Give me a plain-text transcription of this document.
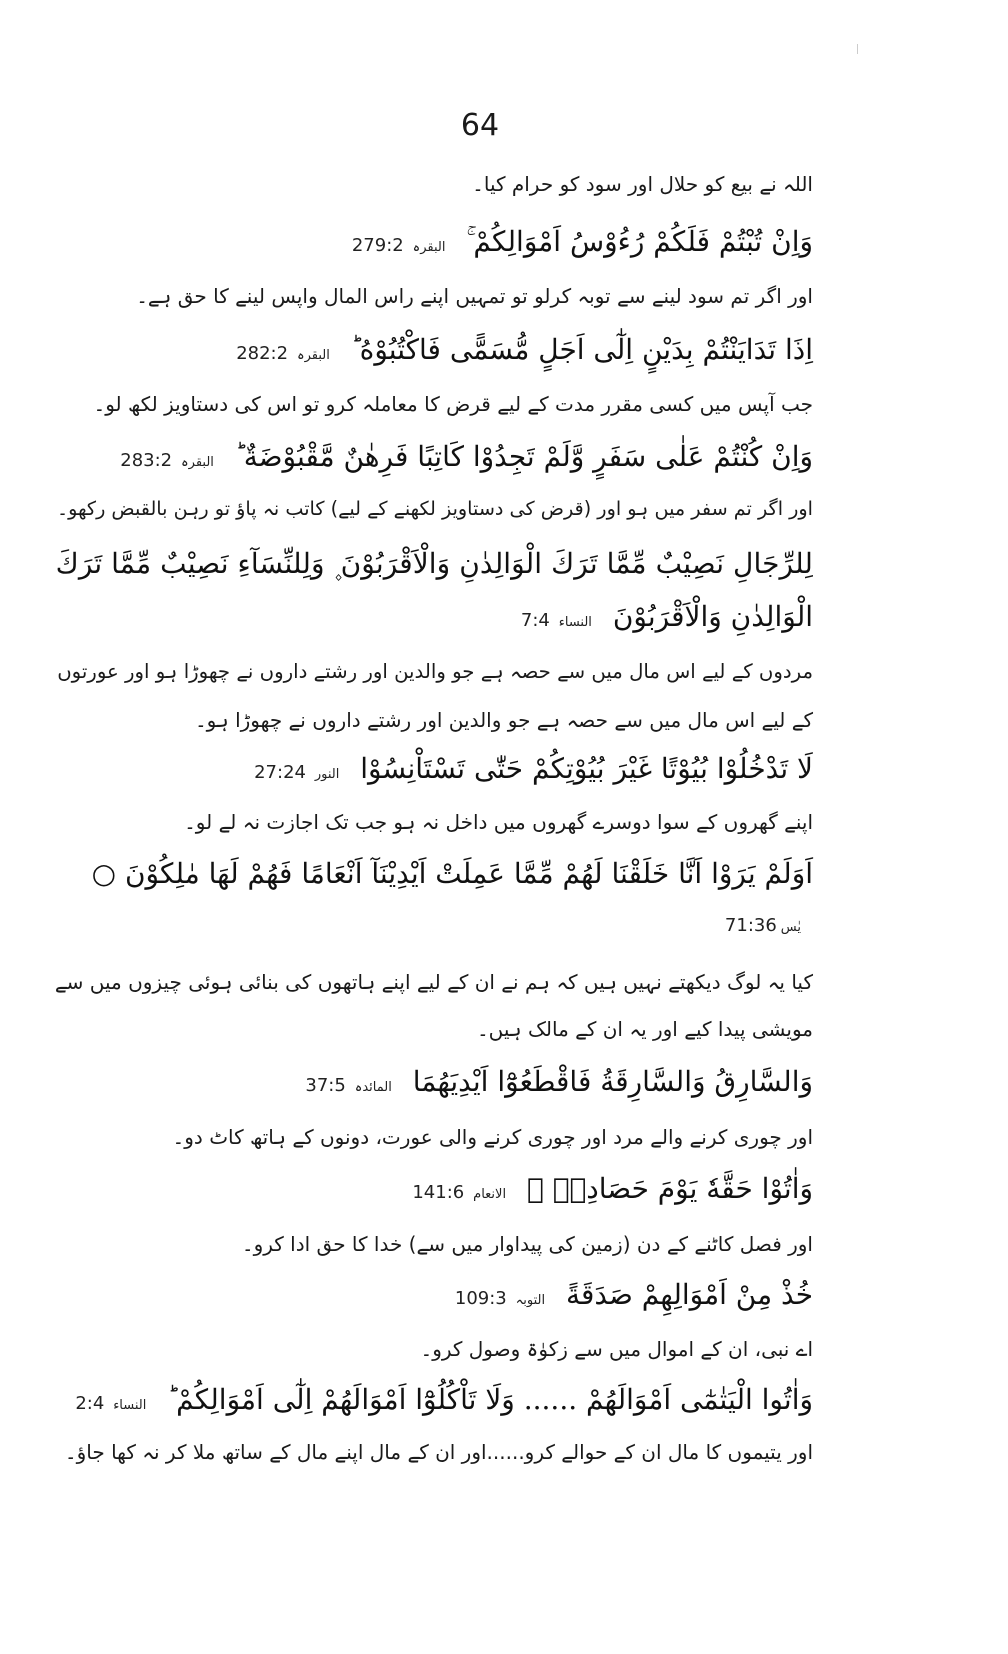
64
اللہ نے بیع کو حلال اور سود کو حرام کیا۔
وَاِنْ تُبْتُمْ فَلَكُمْ رُءُوْسُ اَمْوَالِكُمْ ۚ البقرہ 279:2
اور اگر تم سود لینے سے توبہ کرلو تو تمہیں اپنے راس المال واپس لینے کا حق ہے۔
اِذَا تَدَايَنْتُمْ بِدَيْنٍ اِلٰٓى اَجَلٍ مُّسَمًّى فَاكْتُبُوْهُ ؕ البقرہ 282:2
جب آپس میں کسی مقرر مدت کے لیے قرض کا معاملہ کرو تو اس کی دستاویز لکھ لو۔
وَاِنْ كُنْتُمْ عَلٰى سَفَرٍ وَّلَمْ تَجِدُوْا كَاتِبًا فَرِهٰنٌ مَّقْبُوْضَةٌ ؕ البقرہ 283:2
اور اگر تم سفر میں ہو اور (قرض کی دستاویز لکھنے کے لیے) کاتب نہ پاؤ تو رہن بالقبض رکھو۔
لِلرِّجَالِ نَصِيْبٌ مِّمَّا تَرَكَ الْوَالِدٰنِ وَالْاَقْرَبُوْنَ ۪ وَلِلنِّسَآءِ نَصِيْبٌ مِّمَّا تَرَكَ
الْوَالِدٰنِ وَالْاَقْرَبُوْنَ النساء 7:4
مردوں کے لیے اس مال میں سے حصہ ہے جو والدین اور رشتے داروں نے چھوڑا ہو اور عورتوں
کے لیے اس مال میں سے حصہ ہے جو والدین اور رشتے داروں نے چھوڑا ہو۔
لَا تَدْخُلُوْا بُيُوْتًا غَيْرَ بُيُوْتِكُمْ حَتّٰى تَسْتَاْنِسُوْا النور 27:24
اپنے گھروں کے سوا دوسرے گھروں میں داخل نہ ہو جب تک اجازت نہ لے لو۔
اَوَلَمْ يَرَوْا اَنَّا خَلَقْنَا لَهُمْ مِّمَّا عَمِلَتْ اَيْدِيْنَآ اَنْعَامًا فَهُمْ لَهَا مٰلِكُوْنَ ○
یٰس 71:36
کیا یہ لوگ دیکھتے نہیں ہیں کہ ہم نے ان کے لیے اپنے ہاتھوں کی بنائی ہوئی چیزوں میں سے
مویشی پیدا کیے اور یہ ان کے مالک ہیں۔
وَالسَّارِقُ وَالسَّارِقَةُ فَاقْطَعُوْٓا اَيْدِيَهُمَا المائدہ 37:5
اور چوری کرنے والے مرد اور چوری کرنے والی عورت، دونوں کے ہاتھ کاٹ دو۔
وَاٰتُوْا حَقَّهٗ يَوْمَ حَصَادِهٖ ۖ الانعام 141:6
اور فصل کاٹنے کے دن (زمین کی پیداوار میں سے) خدا کا حق ادا کرو۔
خُذْ مِنْ اَمْوَالِهِمْ صَدَقَةً التوبہ 109:3
اے نبی، ان کے اموال میں سے زکوٰۃ وصول کرو۔
وَاٰتُوا الْيَتٰمٰٓى اَمْوَالَهُمْ ...... وَلَا تَاْكُلُوْٓا اَمْوَالَهُمْ اِلٰٓى اَمْوَالِكُمْ ؕ النساء 2:4
اور یتیموں کا مال ان کے حوالے کرو......اور ان کے مال اپنے مال کے ساتھ ملا کر نہ کھا جاؤ۔
